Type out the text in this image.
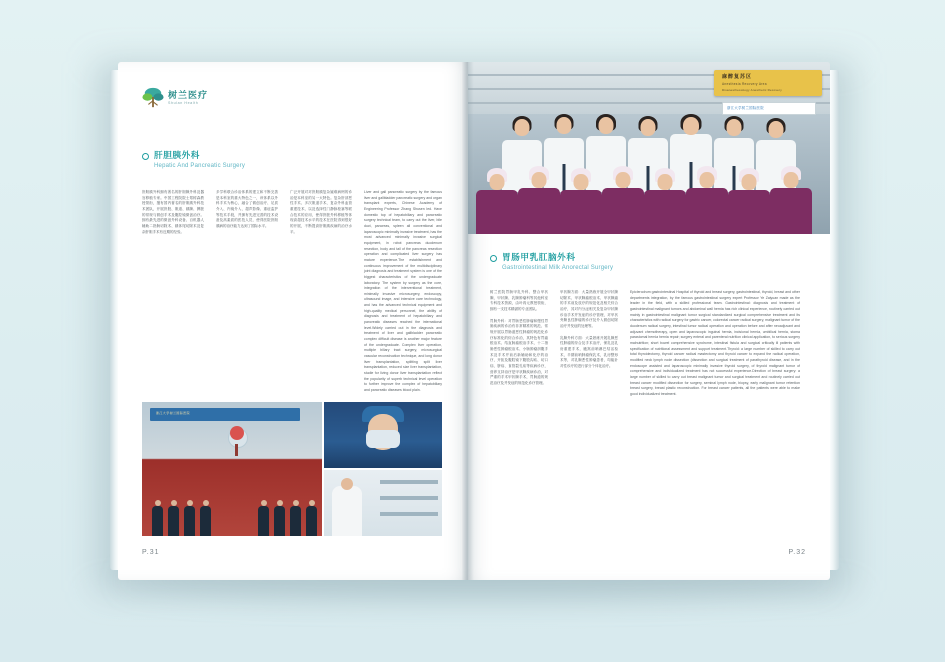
树兰医疗
Shulan Health
肝胆胰外科
Hepatic And Pancreatic Surgery
肝胆胰外科拥有著名的肝胆腺外科及器官移植专家。中国工程院院士郑树森教授领衔，擅有国内著名的肝胆胰外科技术团队，开展肝脏、胆道、胰腺、脾脏的常规与微创手术及腹腔镜微创治疗。拥有最先进的微创外科设备、百机器人辅助二指肠切除术、胰体尾切除术及复杂肝胆手术有近期的经验。
多学科联合诊治体系的建立和不断完善是本科室的重大特色之一，该体系以外科手术为核心，融合了微创治疗、足质介入、内镜介入、超声影像、重症监护等技术手段，并拥有先进完善的技术设备及高素质的医技人员，使得医院肝胆胰病的治疗能力达到了国际水平。
广泛开展对对肝胆胰复杂疑难病例的诊治是本科室的另一大特色。复杂肝部恶性手术、多次胆道手术、复杂外科血管重建技术、以及选择性门静脉栓塞等联合技术的应用，使得肝脏外科移植等体现高超技术水平的技术在医院得到很好的开展，不断提高肝胆胰疾病的治疗水平。
Liver and gall pancreatic surgery by the famous liver and gallbladder pancreatic surgery and organ transplant experts, Chinese Academy of Engineering Professor Zhang Shusen led. Have domestic top of hepatobiliary and pancreatic surgery technical team, to carry out the liver, bile duct, pancreas, spleen all conventional and laparoscopic minimally invasive treatment, has the most advanced minimally invasive surgical equipment, in robot pancreas duodenum resection, body and tail of the pancreas resection operation and complicated liver surgery has mature experience.The establishment and continuous improvement of the multidisciplinary joint diagnosis and treatment system is one of the biggest characteristics of the undergraduate laboratory. The system by surgery as the core, integration of the interventional treatment, minimally invasive microsurgery, endoscopy, ultrasound image, and intensive care technology, and has the advanced technical equipment and high-quality medical personnel, the ability of diagnosis and treatment of hepatobiliary and pancreatic diseases reached the international level.Widely carried out in the diagnosis and treatment of liver and gallbladder pancreatic complex difficult disease is another major feature of the undergraduate. Complex liver operation, multiple biliary tract surgery, microsurgical vascular reconstruction technique, and long donor liver transplantation, splitting split liver transplantation, reduced size liver transplantation, studie for living donor liver transplantation reflect the popularity of superb technical level operation to further improve the complex of hepatobiliary and pancreatic diseases blood plain.
浙江大学树兰国际医院
P.31
麻醉复苏区
Anesthesia Recovery Area
Disanesthesiology Anesthetic Recovery
浙江大学树兰国际医院
胃肠甲乳肛脑外科
Gastrointestinal Milk Anorectal Surgery
树兰医院胃肠甲乳外科、整合甲状腺、甲状腺、乳腺肿瘤科等其他科室专科技术资源，由叶再元教授领衔，拥有一支技术精湛的专业团队。
胃肠外科：对胃肠恶性肿瘤和慢性胃肠疾病的诊治有非常精准的规范、常规开展以胃肠道恶性肿瘤的规范化诊疗标准化的综合诊治，其特色有胃癌根治术、结直肠癌根治手术、十二指肠恶性肿瘤根治术、小肠肿瘤剖腹手术及手术并前后新辅助和化疗的治疗，开拓及腹腔镜下腹股沟疝、切口疝、脐疝、食管裂孔疝等疾病诊疗，营养支持治疗是甲状腺疾病诊治，对严重的手术甲状腺手术，胃肠道的规范治疗及并发症的规范化诊疗管理。
甲状腺方面：大量熟练开展全甲状腺切除术、甲状腺癌根治术、甲状腺癌的手术前及放疗的规范化及相关综合治疗，其对内分泌相关及复杂甲状腺诊治手术并发症的诊疗管理，对甲状旁腺良性肿瘤的诊疗及介入微创切除治疗并发症的处理等。
乳腺外科方面：大量熟练开展乳腺恶性肿瘤的综合及手术治疗，保乳及乳房重建手术，腋窝前哨淋巴结活检术，半期前哨肿瘤保乳术，乳房整形术等，对乳腺恶性肿瘤患者，均能针对性诊疗的进行部分个体化治疗。
Epiclerodrum gastrointestinal Hospital of thyroid and breast surgery, gastrointestinal, thyroid, breast and other departments integration, by the famous gastrointestinal surgery expert Professor Ye Zaiyuan made as the leader in the field, with a skilled professional team. Gastrointestinal: diagnosis and treatment of gastrointestinal malignant tumors and abdominal wall hernia has rich clinical experience, routinely carried out mainly in gastrointestinal malignant tumor surgical standardized surgical comprehensive treatment and its characteristics with radical surgery for gastric cancer, colorectal cancer radical surgery, malignant tumor of the duodenum radical surgery, intestinal tumor radical operation and operation before and after neoadjuvant and adjuvant chemotherapy, open and laparoscopic inguinal hernia, incisional hernia, umbilical hernia, stoma parastomal hernia hernia repair; surgery enteral and parenteral nutrition clinical application, to serious surgery malnutrition; short bowel comprehensive syndrome, intestinal fistula and surgical critically ill patients with specification of nutritional assessment and support treatment.Thyroid: a large number of skilled to carry out total thyroidectomy, thyroid cancer radical mastectomy and thyroid cancer to expand the radical operation, modified neck lymph node dissection (dissection and surgical treatment of parathyroid disease, and in the endoscope assisted and laparoscopic minimally invasive thyroid surgery, of thyroid malignant tumor of comprehensive and individualized treatment has not successful experience.Direction of breast surgery: a large number of skilled to carry out breast malignant tumor and surgical treatment and routinely carried out breast cancer modified dissection for surgery, seminal lymph node, biopsy, early malignant tumor retention breast surgery, breast plastic reconstruction. For breast cancer patients, all the patients were able to make good individualized treatment.
P.32
